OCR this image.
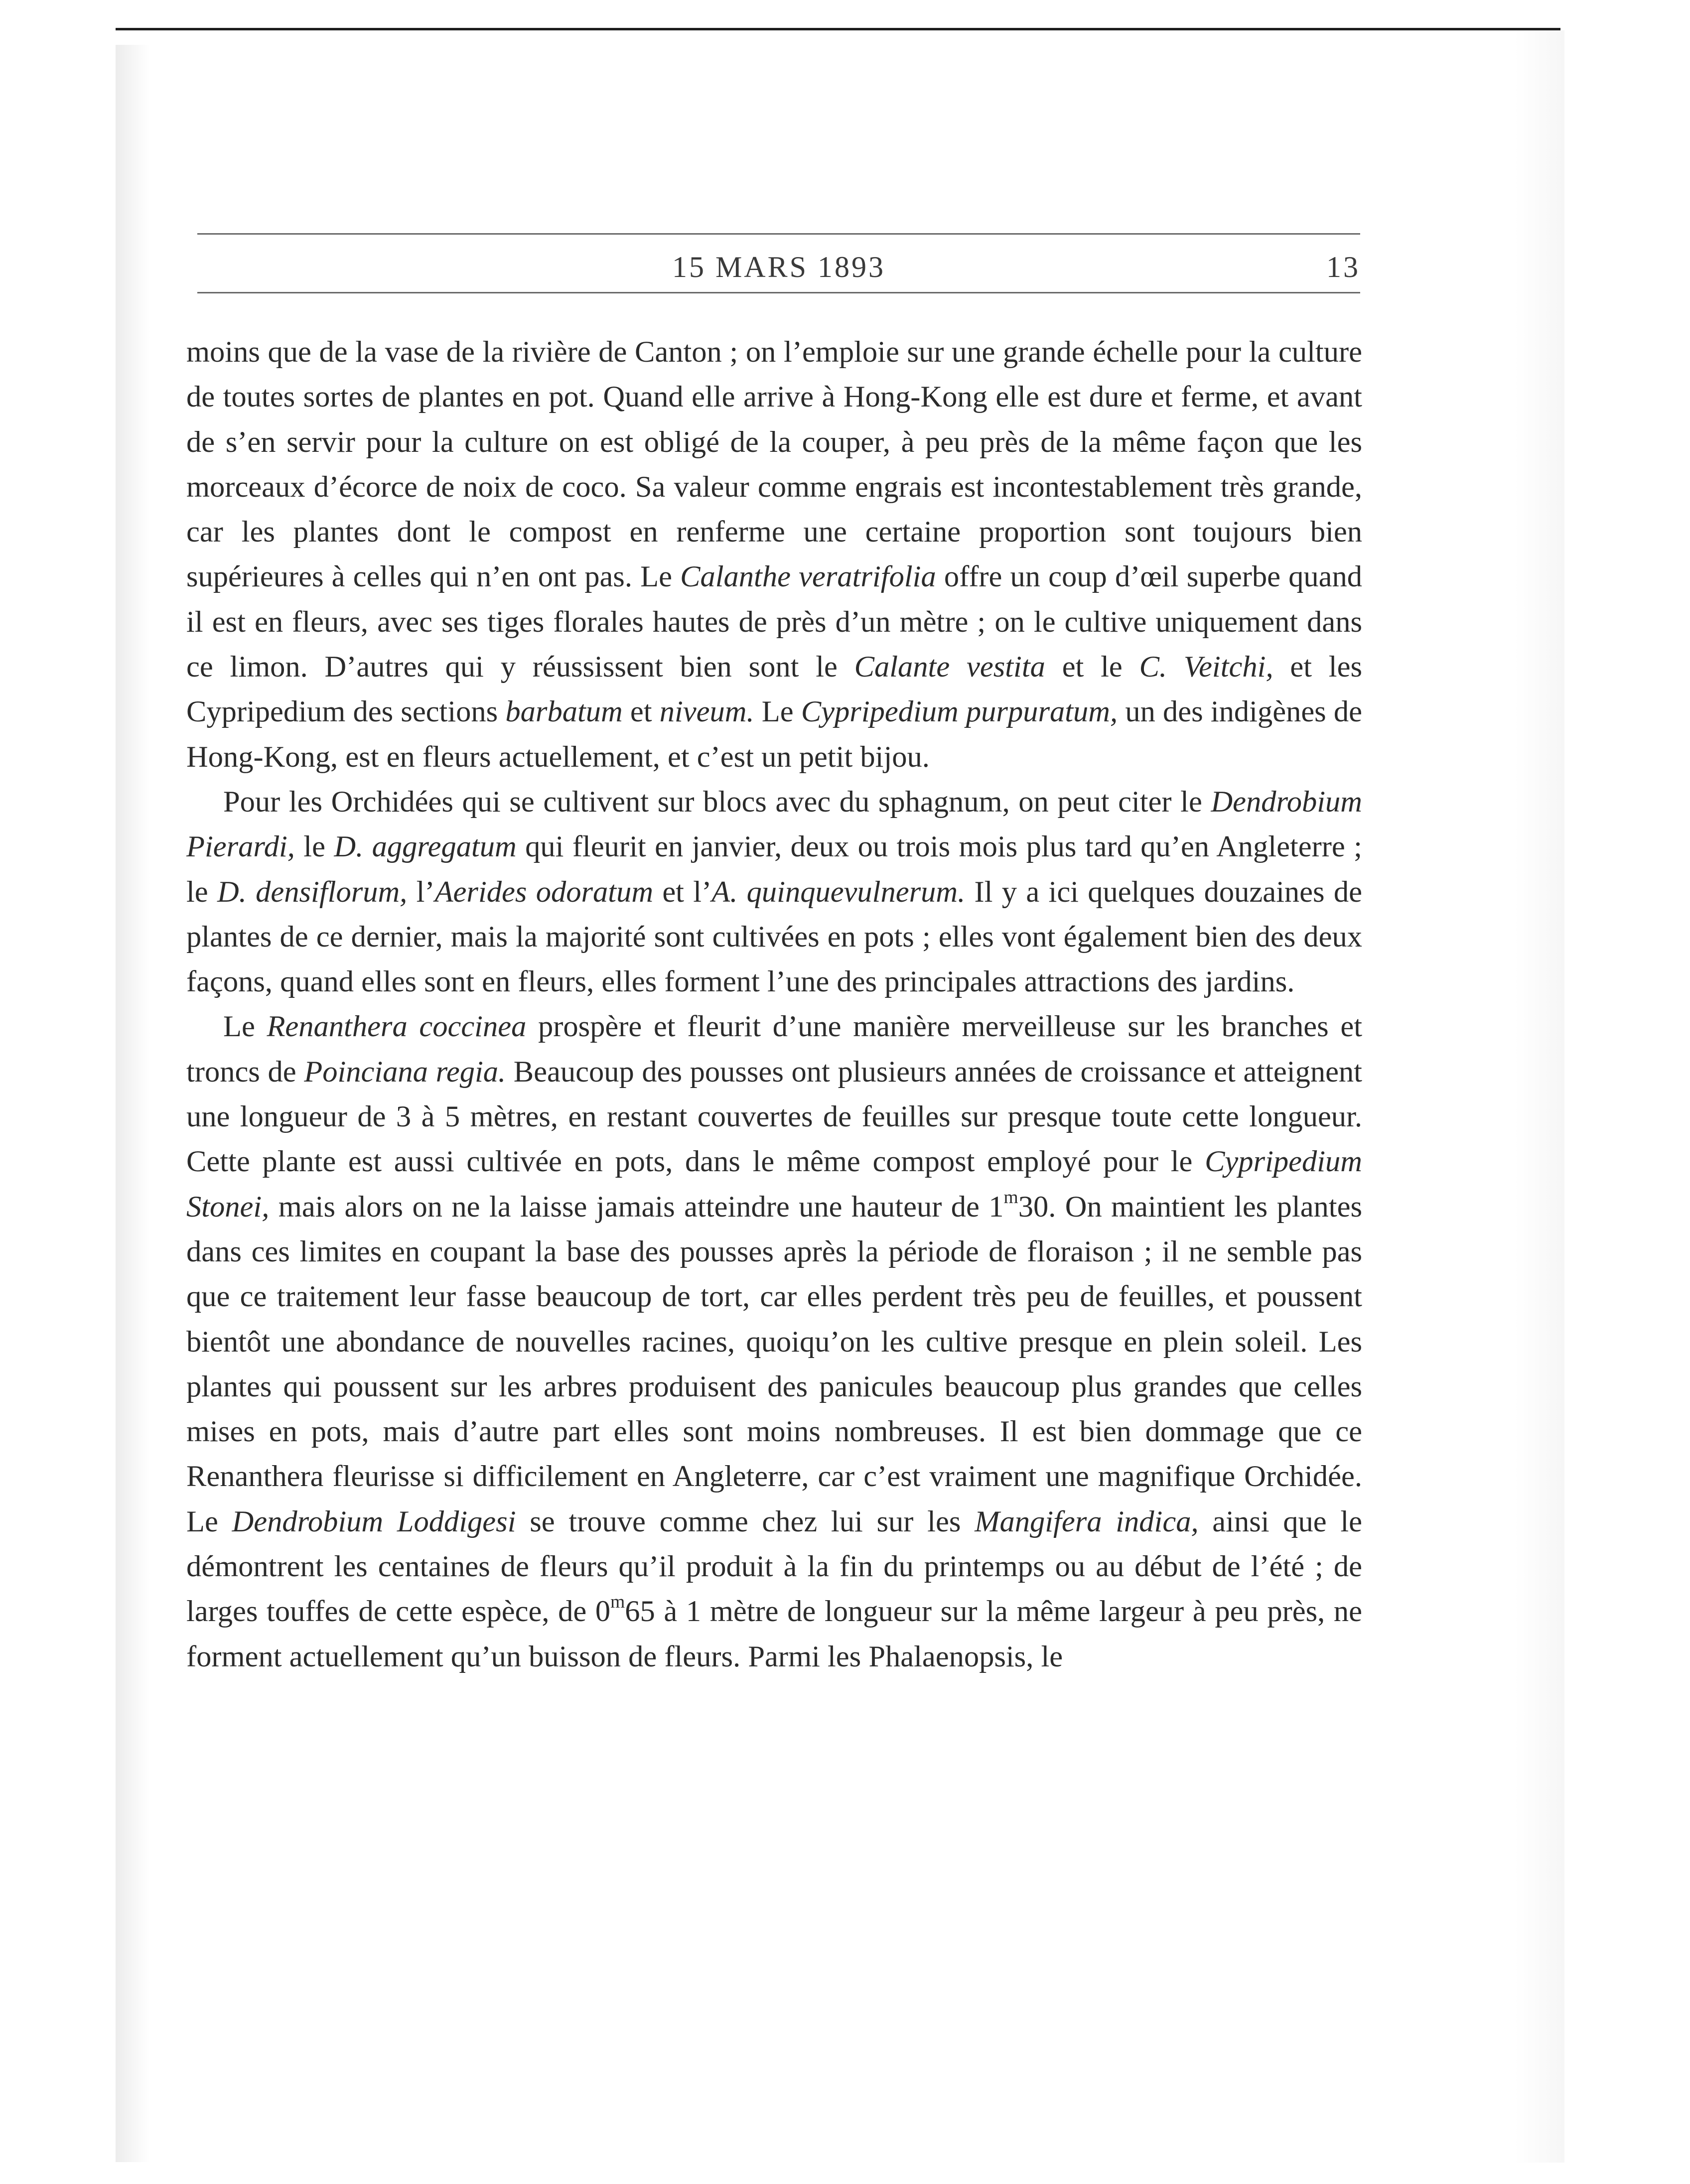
15 MARS 1893	13

moins que de la vase de la rivière de Canton ; on l’emploie sur une grande échelle pour la culture de toutes sortes de plantes en pot. Quand elle arrive à Hong-Kong elle est dure et ferme, et avant de s’en servir pour la culture on est obligé de la couper, à peu près de la même façon que les morceaux d’écorce de noix de coco. Sa valeur comme engrais est incontestablement très grande, car les plantes dont le compost en renferme une certaine proportion sont toujours bien supérieures à celles qui n’en ont pas. Le Calanthe veratrifolia offre un coup d’œil superbe quand il est en fleurs, avec ses tiges florales hautes de près d’un mètre ; on le cultive uniquement dans ce limon. D’autres qui y réussissent bien sont le Calante vestita et le C. Veitchi, et les Cypripedium des sections barbatum et niveum. Le Cypripedium purpuratum, un des indigènes de Hong-Kong, est en fleurs actuellement, et c’est un petit bijou.

Pour les Orchidées qui se cultivent sur blocs avec du sphagnum, on peut citer le Dendrobium Pierardi, le D. aggregatum qui fleurit en janvier, deux ou trois mois plus tard qu’en Angleterre ; le D. densiflorum, l’Aerides odoratum et l’A. quinquevulnerum. Il y a ici quelques douzaines de plantes de ce dernier, mais la majorité sont cultivées en pots ; elles vont également bien des deux façons, quand elles sont en fleurs, elles forment l’une des principales attractions des jardins.

Le Renanthera coccinea prospère et fleurit d’une manière merveilleuse sur les branches et troncs de Poinciana regia. Beaucoup des pousses ont plusieurs années de croissance et atteignent une longueur de 3 à 5 mètres, en restant couvertes de feuilles sur presque toute cette longueur. Cette plante est aussi cultivée en pots, dans le même compost employé pour le Cypripedium Stonei, mais alors on ne la laisse jamais atteindre une hauteur de 1$^m$30. On maintient les plantes dans ces limites en coupant la base des pousses après la période de floraison ; il ne semble pas que ce traitement leur fasse beaucoup de tort, car elles perdent très peu de feuilles, et poussent bientôt une abondance de nouvelles racines, quoiqu’on les cultive presque en plein soleil. Les plantes qui poussent sur les arbres produisent des panicules beaucoup plus grandes que celles mises en pots, mais d’autre part elles sont moins nombreuses. Il est bien dommage que ce Renanthera fleurisse si difficilement en Angleterre, car c’est vraiment une magnifique Orchidée. Le Dendrobium Loddigesi se trouve comme chez lui sur les Mangifera indica, ainsi que le démontrent les centaines de fleurs qu’il produit à la fin du printemps ou au début de l’été ; de larges touffes de cette espèce, de 0$^m$65 à 1 mètre de longueur sur la même largeur à peu près, ne forment actuellement qu’un buisson de fleurs. Parmi les Phalaenopsis, le
